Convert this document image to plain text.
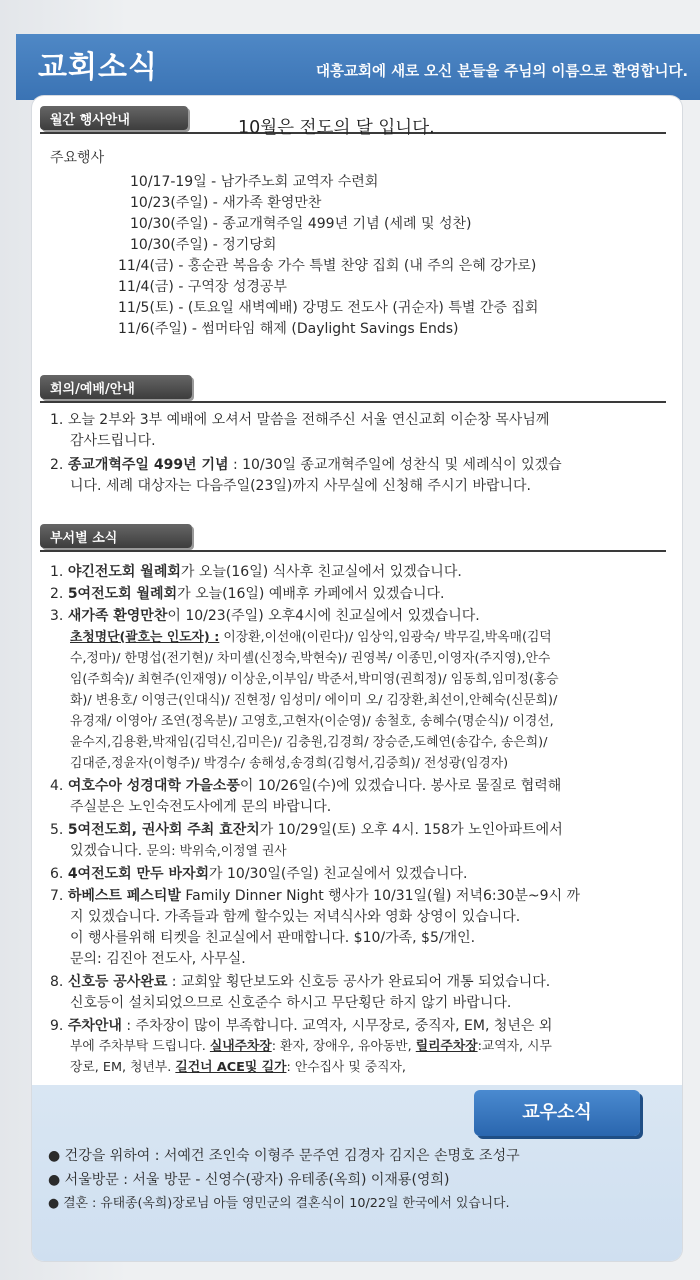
교회소식	대흥교회에 새로 오신 분들을 주님의 이름으로 환영합니다.
월간 행사안내	10월은 전도의 달 입니다.
주요행사
10/17-19일 - 남가주노회 교역자 수련회
10/23(주일) - 새가족 환영만찬
10/30(주일) - 종교개혁주일 499년 기념 (세례 및 성찬)
10/30(주일) - 정기당회
11/4(금) - 홍순관 복음송 가수 특별 찬양 집회 (내 주의 은혜 강가로)
11/4(금) - 구역장 성경공부
11/5(토) - (토요일 새벽예배) 강명도 전도사 (귀순자) 특별 간증 집회
11/6(주일) - 썸머타임 해제 (Daylight Savings Ends)
회의/예배/안내
1. 오늘 2부와 3부 예배에 오셔서 말씀을 전해주신 서울 연신교회 이순창 목사님께
감사드립니다.
2. 종교개혁주일 499년 기념 : 10/30일 종교개혁주일에 성찬식 및 세례식이 있겠습
니다. 세례 대상자는 다음주일(23일)까지 사무실에 신청해 주시기 바랍니다.
부서별 소식
1. 야긴전도회 월례회가 오늘(16일) 식사후 친교실에서 있겠습니다.
2. 5여전도회 월례회가 오늘(16일) 예배후 카페에서 있겠습니다.
3. 새가족 환영만찬이 10/23(주일) 오후4시에 친교실에서 있겠습니다.
초청명단(괄호는 인도자) : 이장환,이선애(이린다)/ 임상익,임광숙/ 박무길,박옥매(김덕
수,정마)/ 한명섭(전기현)/ 차미셸(신정숙,박현숙)/ 권영복/ 이종민,이영자(주지영),안수
임(주희숙)/ 최현주(인재영)/ 이상운,이부임/ 박준서,박미영(권희정)/ 임동희,임미정(홍승
화)/ 변용호/ 이영근(인대식)/ 진현정/ 임성미/ 에이미 오/ 김장환,최선이,안혜숙(신문희)/
유경재/ 이영아/ 조연(정옥분)/ 고영호,고현자(이순영)/ 송철호, 송혜수(명순식)/ 이경선,
윤수지,김용환,박재임(김덕신,김미은)/ 김충원,김경희/ 장승준,도혜연(송갑수, 송은희)/
김대준,정윤자(이형주)/ 박경수/ 송해성,송경희(김형서,김중희)/ 전성광(임경자)
4. 여호수아 성경대학 가을소풍이 10/26일(수)에 있겠습니다. 봉사로 물질로 협력해
주실분은 노인숙전도사에게 문의 바랍니다.
5. 5여전도회, 권사회 주최 효잔치가 10/29일(토) 오후 4시. 158가 노인아파트에서
있겠습니다. 문의: 박위숙,이정열 권사
6. 4여전도회 만두 바자회가 10/30일(주일) 친교실에서 있겠습니다.
7. 하베스트 페스티발 Family Dinner Night 행사가 10/31일(월) 저녁6:30분~9시 까
지 있겠습니다. 가족들과 함께 할수있는 저녁식사와 영화 상영이 있습니다.
이 행사를위해 티켓을 친교실에서 판매합니다. $10/가족, $5/개인.
문의: 김진아 전도사, 사무실.
8. 신호등 공사완료 : 교회앞 횡단보도와 신호등 공사가 완료되어 개통 되었습니다.
신호등이 설치되었으므로 신호준수 하시고 무단횡단 하지 않기 바랍니다.
9. 주차안내 : 주차장이 많이 부족합니다. 교역자, 시무장로, 중직자, EM, 청년은 외
부에 주차부탁 드립니다. 실내주차장: 환자, 장애우, 유아동반, 릴리주차장:교역자, 시무
장로, EM, 청년부. 길건너 ACE및 길가: 안수집사 및 중직자,
교우소식
● 건강을 위하여 : 서예건 조인숙 이형주 문주연 김경자 김지은 손명호 조성구
● 서울방문 : 서울 방문 - 신영수(광자) 유테종(옥희) 이재룡(영희)
● 결혼 : 유태종(옥희)장로님 아들 영민군의 결혼식이 10/22일 한국에서 있습니다.
